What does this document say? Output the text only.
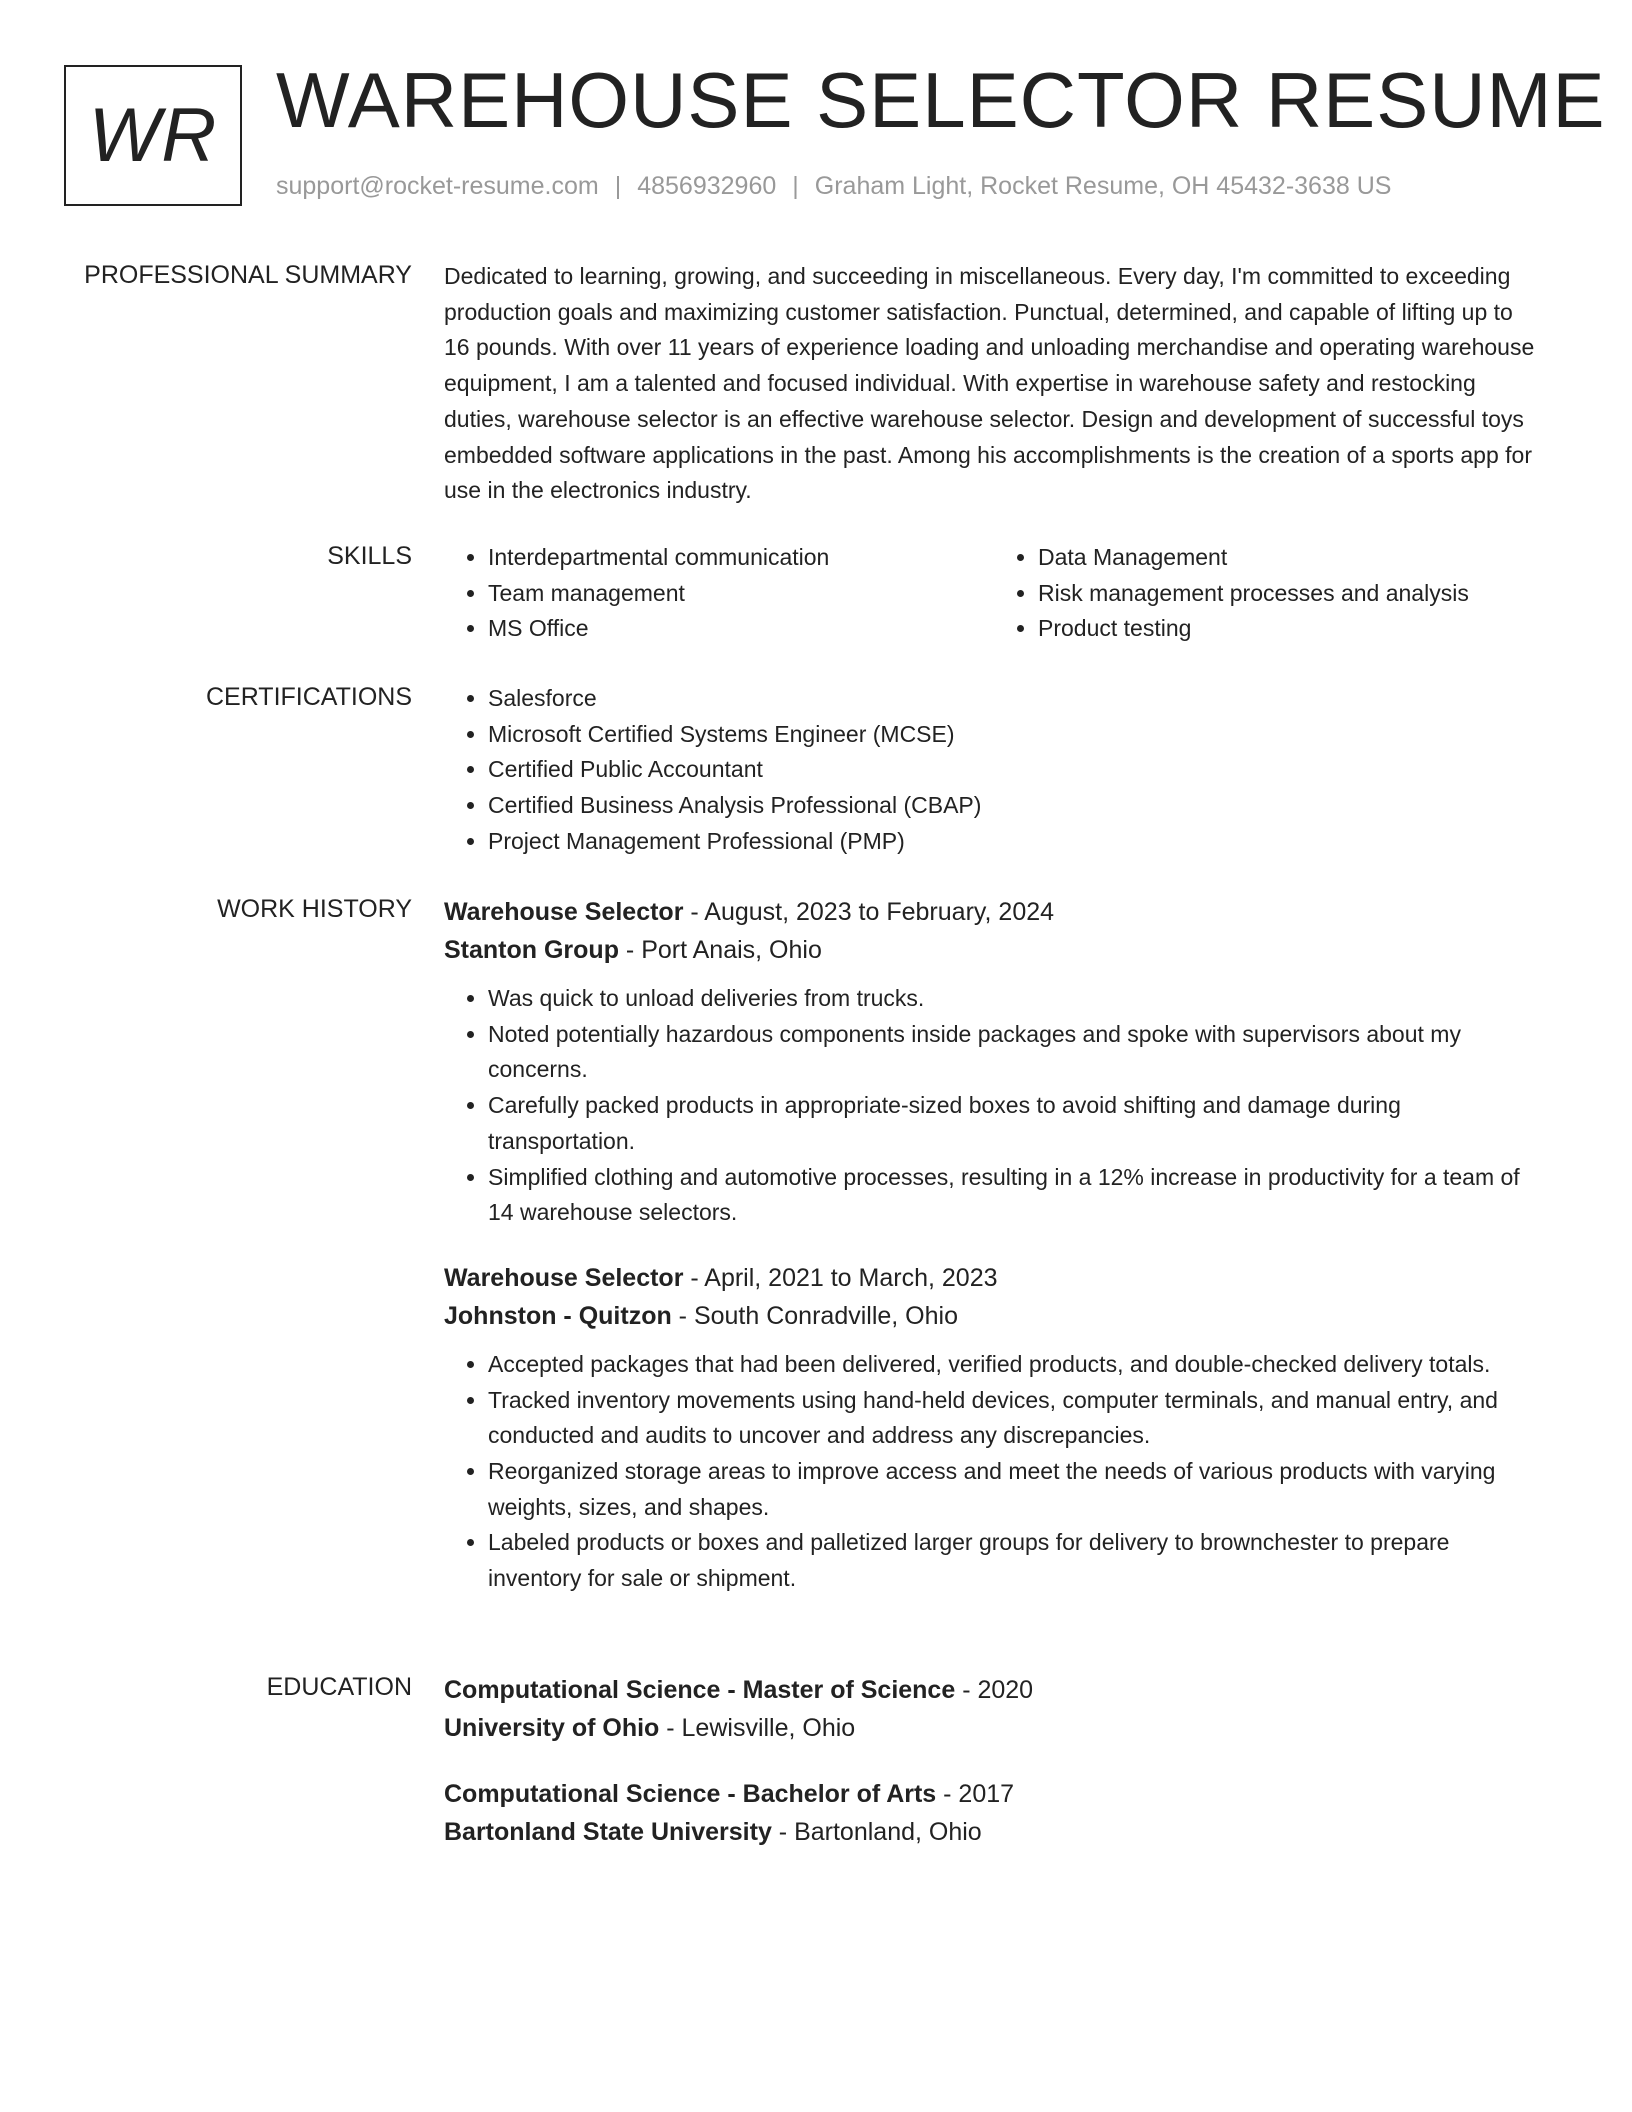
WR WAREHOUSE SELECTOR RESUME
support@rocket-resume.com | 4856932960 | Graham Light, Rocket Resume, OH 45432-3638 US
PROFESSIONAL SUMMARY Dedicated to learning, growing, and succeeding in miscellaneous. Every day, I'm committed to exceeding production goals and maximizing customer satisfaction. Punctual, determined, and capable of lifting up to 16 pounds. With over 11 years of experience loading and unloading merchandise and operating warehouse equipment, I am a talented and focused individual. With expertise in warehouse safety and restocking duties, warehouse selector is an effective warehouse selector. Design and development of successful toys embedded software applications in the past. Among his accomplishments is the creation of a sports app for use in the electronics industry.

SKILLS	• Interdepartmental communication
• Team management
• MS Office
• Data Management
• Risk management processes and analysis
• Product testing
CERTIFICATIONS	• Salesforce
• Microsoft Certified Systems Engineer (MCSE)
• Certified Public Accountant
• Certified Business Analysis Professional (CBAP)
• Project Management Professional (PMP)
WORK HISTORY Warehouse Selector - August, 2023 to February, 2024
Stanton Group - Port Anais, Ohio
• Was quick to unload deliveries from trucks.
• Noted potentially hazardous components inside packages and spoke with supervisors about my concerns.
• Carefully packed products in appropriate-sized boxes to avoid shifting and damage during transportation.
• Simplified clothing and automotive processes, resulting in a 12% increase in productivity for a team of 14 warehouse selectors.
Warehouse Selector - April, 2021 to March, 2023
Johnston - Quitzon - South Conradville, Ohio
• Accepted packages that had been delivered, verified products, and double-checked delivery totals.
• Tracked inventory movements using hand-held devices, computer terminals, and manual entry, and conducted and audits to uncover and address any discrepancies.
• Reorganized storage areas to improve access and meet the needs of various products with varying weights, sizes, and shapes.
• Labeled products or boxes and palletized larger groups for delivery to brownchester to prepare inventory for sale or shipment.
EDUCATION Computational Science - Master of Science - 2020
University of Ohio - Lewisville, Ohio
Computational Science - Bachelor of Arts - 2017
Bartonland State University - Bartonland, Ohio
